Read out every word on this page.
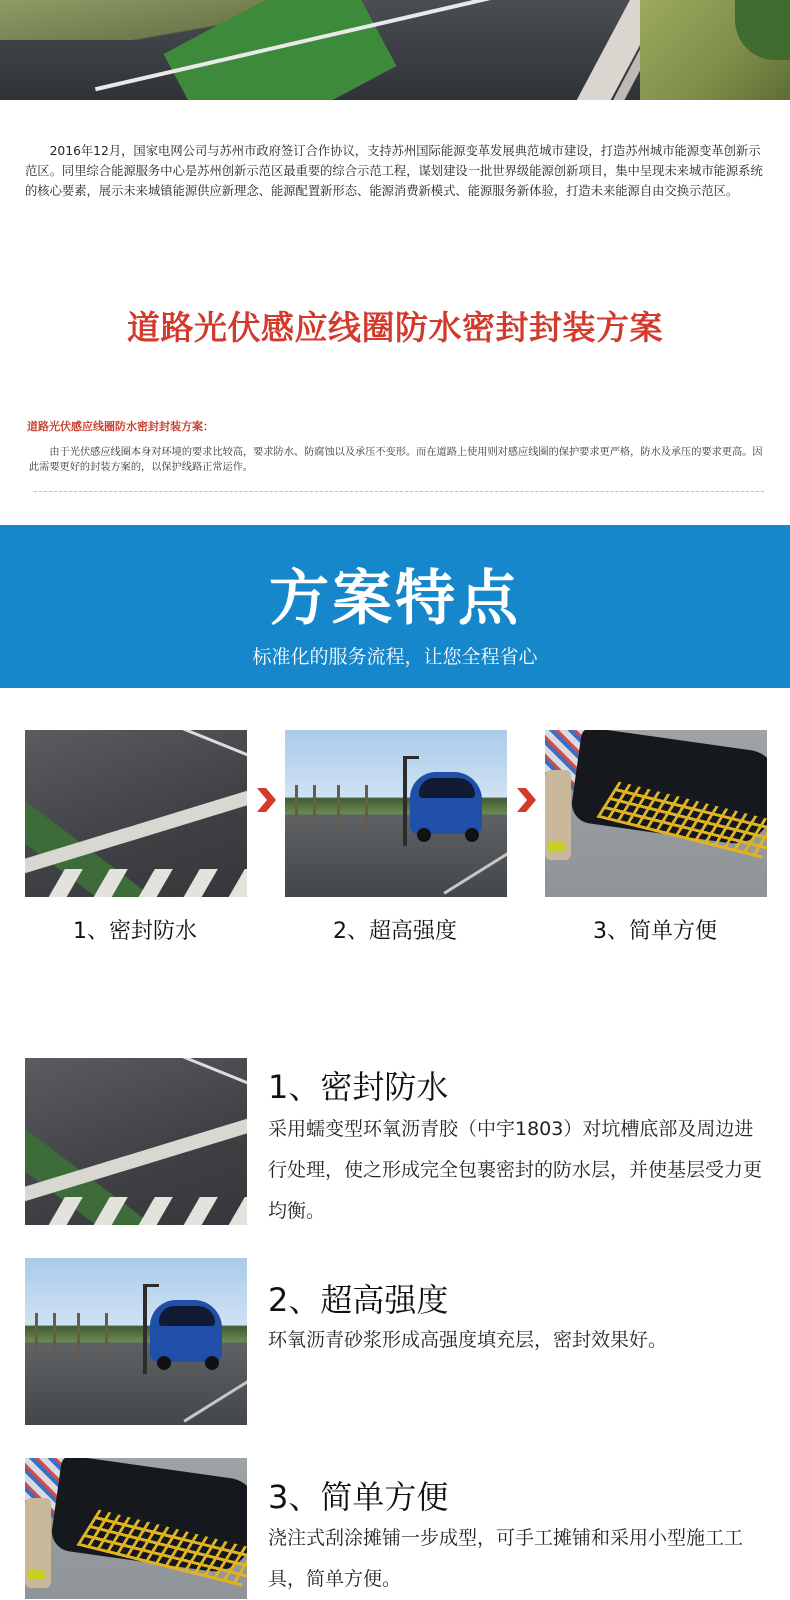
2016年12月，国家电网公司与苏州市政府签订合作协议，支持苏州国际能源变革发展典范城市建设，打造苏州城市能源变革创新示范区。同里综合能源服务中心是苏州创新示范区最重要的综合示范工程，谋划建设一批世界级能源创新项目，集中呈现未来城市能源系统的核心要素，展示未来城镇能源供应新理念、能源配置新形态、能源消费新模式、能源服务新体验，打造未来能源自由交换示范区。

道路光伏感应线圈防水密封封装方案

道路光伏感应线圈防水密封封装方案：

由于光伏感应线圈本身对环境的要求比较高，要求防水、防腐蚀以及承压不变形。而在道路上使用则对感应线圈的保护要求更严格，防水及承压的要求更高。因此需要更好的封装方案的，以保护线路正常运作。

方案特点

标准化的服务流程，让您全程省心

1、密封防水	2、超高强度	3、简单方便

1、密封防水

采用蠕变型环氧沥青胶（中宇1803）对坑槽底部及周边进行处理，使之形成完全包裹密封的防水层，并使基层受力更均衡。

2、超高强度

环氧沥青砂浆形成高强度填充层，密封效果好。

3、简单方便

浇注式刮涂摊铺一步成型，可手工摊铺和采用小型施工工具，简单方便。
